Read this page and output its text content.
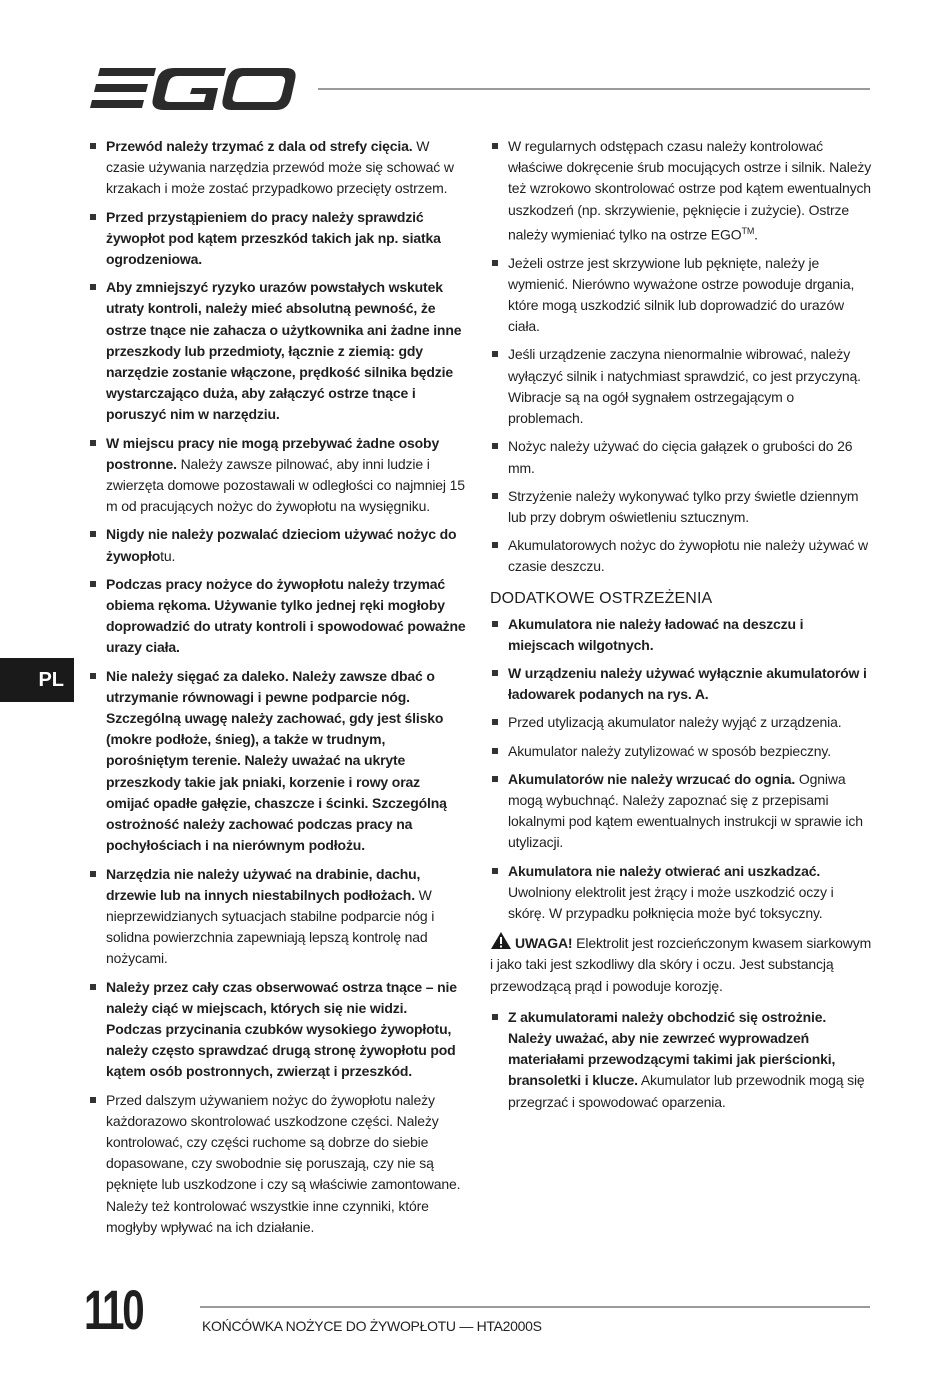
PL
Przewód należy trzymać z dala od strefy cięcia. W czasie używania narzędzia przewód może się schować w krzakach i może zostać przypadkowo przecięty ostrzem.
Przed przystąpieniem do pracy należy sprawdzić żywopłot pod kątem przeszkód takich jak np. siatka ogrodzeniowa.
Aby zmniejszyć ryzyko urazów powstałych wskutek utraty kontroli, należy mieć absolutną pewność, że ostrze tnące nie zahacza o użytkownika ani żadne inne przeszkody lub przedmioty, łącznie z ziemią: gdy narzędzie zostanie włączone, prędkość silnika będzie wystarczająco duża, aby załączyć ostrze tnące i poruszyć nim w narzędziu.
W miejscu pracy nie mogą przebywać żadne osoby postronne. Należy zawsze pilnować, aby inni ludzie i zwierzęta domowe pozostawali w odległości co najmniej 15 m od pracujących nożyc do żywopłotu na wysięgniku.
Nigdy nie należy pozwalać dzieciom używać nożyc do żywopłotu.
Podczas pracy nożyce do żywopłotu należy trzymać obiema rękoma. Używanie tylko jednej ręki mogłoby doprowadzić do utraty kontroli i spowodować poważne urazy ciała.
Nie należy sięgać za daleko. Należy zawsze dbać o utrzymanie równowagi i pewne podparcie nóg. Szczególną uwagę należy zachować, gdy jest ślisko (mokre podłoże, śnieg), a także w trudnym, porośniętym terenie. Należy uważać na ukryte przeszkody takie jak pniaki, korzenie i rowy oraz omijać opadłe gałęzie, chaszcze i ścinki. Szczególną ostrożność należy zachować podczas pracy na pochyłościach i na nierównym podłożu.
Narzędzia nie należy używać na drabinie, dachu, drzewie lub na innych niestabilnych podłożach. W nieprzewidzianych sytuacjach stabilne podparcie nóg i solidna powierzchnia zapewniają lepszą kontrolę nad nożycami.
Należy przez cały czas obserwować ostrza tnące – nie należy ciąć w miejscach, których się nie widzi. Podczas przycinania czubków wysokiego żywopłotu, należy często sprawdzać drugą stronę żywopłotu pod kątem osób postronnych, zwierząt i przeszkód.
Przed dalszym używaniem nożyc do żywopłotu należy każdorazowo skontrolować uszkodzone części. Należy kontrolować, czy części ruchome są dobrze do siebie dopasowane, czy swobodnie się poruszają, czy nie są pęknięte lub uszkodzone i czy są właściwie zamontowane. Należy też kontrolować wszystkie inne czynniki, które mogłyby wpływać na ich działanie.
W regularnych odstępach czasu należy kontrolować właściwe dokręcenie śrub mocujących ostrze i silnik. Należy też wzrokowo skontrolować ostrze pod kątem ewentualnych uszkodzeń (np. skrzywienie, pęknięcie i zużycie). Ostrze należy wymieniać tylko na ostrze EGO™.
Jeżeli ostrze jest skrzywione lub pęknięte, należy je wymienić. Nierówno wyważone ostrze powoduje drgania, które mogą uszkodzić silnik lub doprowadzić do urazów ciała.
Jeśli urządzenie zaczyna nienormalnie wibrować, należy wyłączyć silnik i natychmiast sprawdzić, co jest przyczyną. Wibracje są na ogół sygnałem ostrzegającym o problemach.
Nożyc należy używać do cięcia gałązek o grubości do 26 mm.
Strzyżenie należy wykonywać tylko przy świetle dziennym lub przy dobrym oświetleniu sztucznym.
Akumulatorowych nożyc do żywopłotu nie należy używać w czasie deszczu.
DODATKOWE OSTRZEŻENIA
Akumulatora nie należy ładować na deszczu i miejscach wilgotnych.
W urządzeniu należy używać wyłącznie akumulatorów i ładowarek podanych na rys. A.
Przed utylizacją akumulator należy wyjąć z urządzenia.
Akumulator należy zutylizować w sposób bezpieczny.
Akumulatorów nie należy wrzucać do ognia. Ogniwa mogą wybuchnąć. Należy zapoznać się z przepisami lokalnymi pod kątem ewentualnych instrukcji w sprawie ich utylizacji.
Akumulatora nie należy otwierać ani uszkadzać. Uwolniony elektrolit jest żrący i może uszkodzić oczy i skórę. W przypadku połknięcia może być toksyczny.

UWAGA! Elektrolit jest rozcieńczonym kwasem siarkowym i jako taki jest szkodliwy dla skóry i oczu. Jest substancją przewodzącą prąd i powoduje korozję.

Z akumulatorami należy obchodzić się ostrożnie. Należy uważać, aby nie zewrzeć wyprowadzeń materiałami przewodzącymi takimi jak pierścionki, bransoletki i klucze. Akumulator lub przewodnik mogą się przegrzać i spowodować oparzenia.
110	KOŃCÓWKA NOŻYCE DO ŻYWOPŁOTU — HTA2000S
